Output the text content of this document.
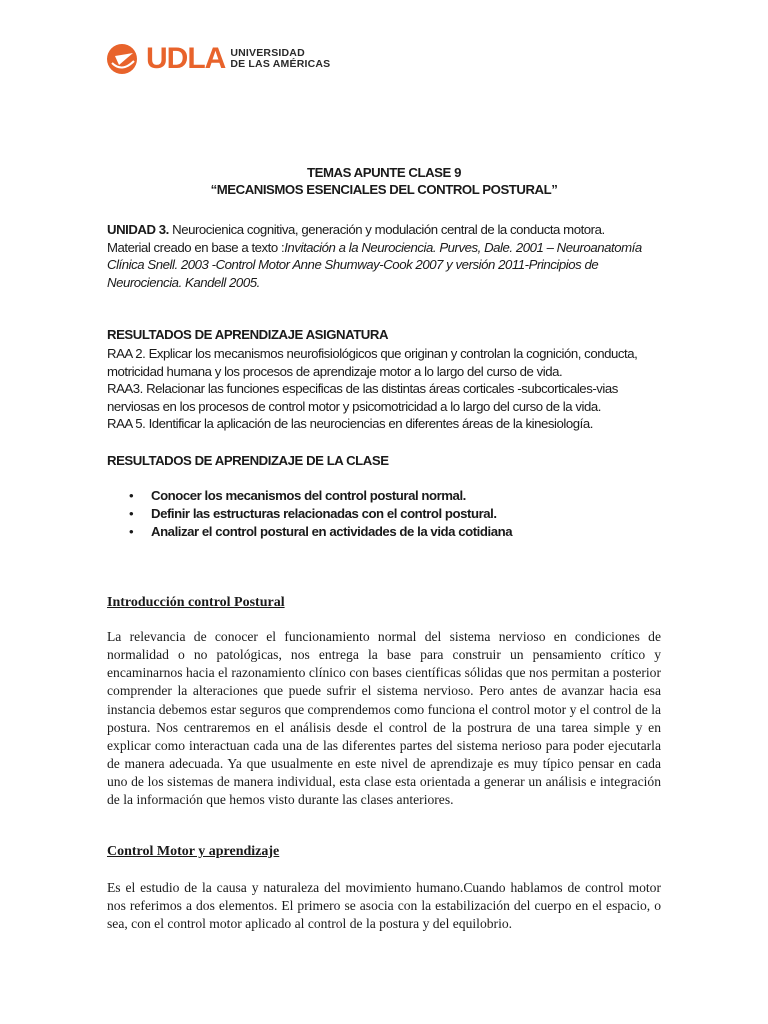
UDLA UNIVERSIDAD
DE LAS AMÉRICAS
TEMAS APUNTE CLASE 9
“MECANISMOS ESENCIALES DEL CONTROL POSTURAL”
UNIDAD 3. Neurocienica cognitiva, generación y modulación central de la conducta motora.
Material creado en base a texto :Invitación a la Neurociencia. Purves, Dale. 2001 – Neuroanatomía Clínica Snell. 2003 -Control Motor Anne Shumway-Cook 2007 y versión 2011-Principios de Neurociencia. Kandell 2005.
RESULTADOS DE APRENDIZAJE ASIGNATURA

RAA 2. Explicar los mecanismos neurofisiológicos que originan y controlan la cognición, conducta, motricidad humana y los procesos de aprendizaje motor a lo largo del curso de vida.

RAA3. Relacionar las funciones especificas de las distintas áreas corticales -subcorticales-vias nerviosas en los procesos de control motor y psicomotricidad a lo largo del curso de la vida.

RAA 5. Identificar la aplicación de las neurociencias en diferentes áreas de la kinesiología.

RESULTADOS DE APRENDIZAJE DE LA CLASE
•	Conocer los mecanismos del control postural normal.
•	Definir las estructuras relacionadas con el control postural.
•	Analizar el control postural en actividades de la vida cotidiana
Introducción control Postural
La relevancia de conocer el funcionamiento normal del sistema nervioso en condiciones de normalidad o no patológicas, nos entrega la base para construir un pensamiento crítico y encaminarnos hacia el razonamiento clínico con bases científicas sólidas que nos permitan a posterior comprender la alteraciones que puede sufrir el sistema nervioso. Pero antes de avanzar hacia esa instancia debemos estar seguros que comprendemos como funciona el control motor y el control de la postura. Nos centraremos en el análisis desde el control de la postrura de una tarea simple y en explicar como interactuan cada una de las diferentes partes del sistema nerioso para poder ejecutarla de manera adecuada. Ya que usualmente en este nivel de aprendizaje es muy típico pensar en cada uno de los sistemas de manera individual, esta clase esta orientada a generar un análisis e integración de la información que hemos visto durante las clases anteriores.
Control Motor y aprendizaje
Es el estudio de la causa y naturaleza del movimiento humano.Cuando hablamos de control motor nos referimos a dos elementos. El primero se asocia con la estabilización del cuerpo en el espacio, o sea, con el control motor aplicado al control de la postura y del equilobrio.
